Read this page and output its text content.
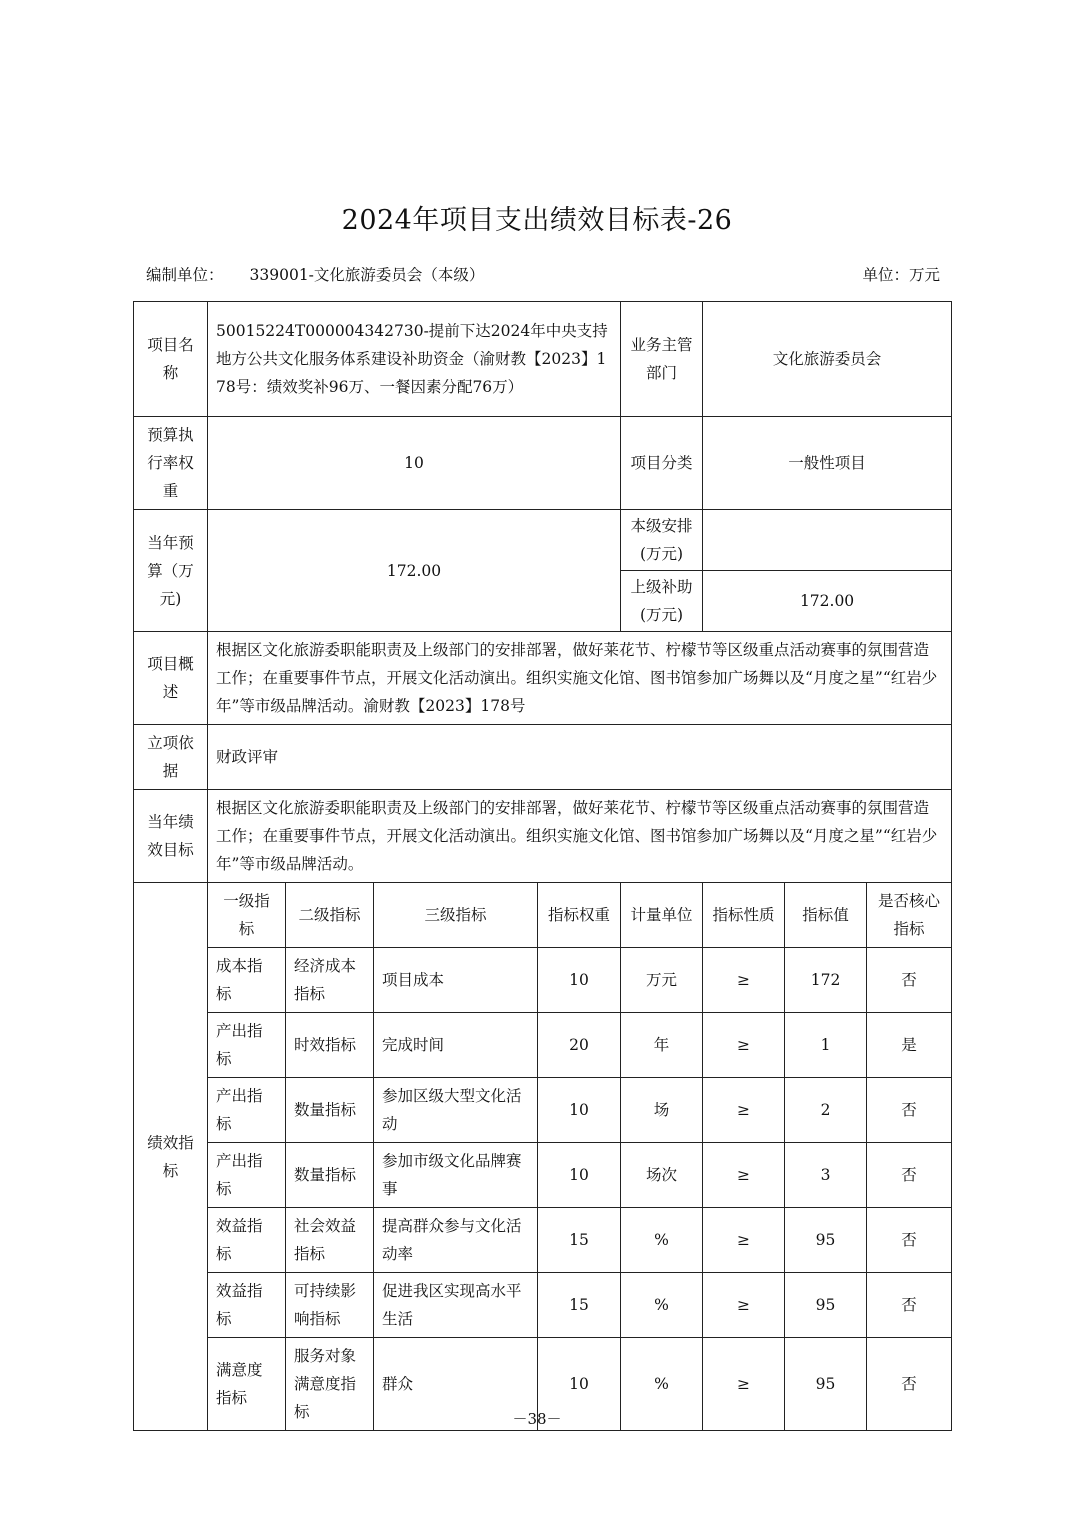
2024年项目支出绩效目标表-26
编制单位： 339001-文化旅游委员会（本级）	单位：万元
项目名称	50015224T000004342730-提前下达2024年中央支持地方公共文化服务体系建设补助资金（渝财教【2023】178号：绩效奖补96万、一餐因素分配76万）				业务主管部门	文化旅游委员会		
预算执行率权重	10				项目分类	一般性项目		
当年预算（万元)	172.00				本级安排(万元)			
					上级补助(万元)	172.00		
项目概述	根据区文化旅游委职能职责及上级部门的安排部署，做好莱花节、柠檬节等区级重点活动赛事的氛围营造工作；在重要事件节点，开展文化活动演出。组织实施文化馆、图书馆参加广场舞以及“月度之星”“红岩少年”等市级品牌活动。渝财教【2023】178号							
立项依据	财政评审							
当年绩效目标	根据区文化旅游委职能职责及上级部门的安排部署，做好莱花节、柠檬节等区级重点活动赛事的氛围营造工作；在重要事件节点，开展文化活动演出。组织实施文化馆、图书馆参加广场舞以及“月度之星”“红岩少年”等市级品牌活动。							
绩效指标	一级指标	二级指标	三级指标	指标权重	计量单位	指标性质	指标值	是否核心指标
	成本指标	经济成本指标	项目成本	10	万元	≥	172	否
	产出指标	时效指标	完成时间	20	年	≥	1	是
	产出指标	数量指标	参加区级大型文化活动	10	场	≥	2	否
	产出指标	数量指标	参加市级文化品牌赛事	10	场次	≥	3	否
	效益指标	社会效益指标	提高群众参与文化活动率	15	%	≥	95	否
	效益指标	可持续影响指标	促进我区实现高水平生活	15	%	≥	95	否
	满意度指标	服务对象满意度指标	群众	10	%	≥	95	否
－38－
